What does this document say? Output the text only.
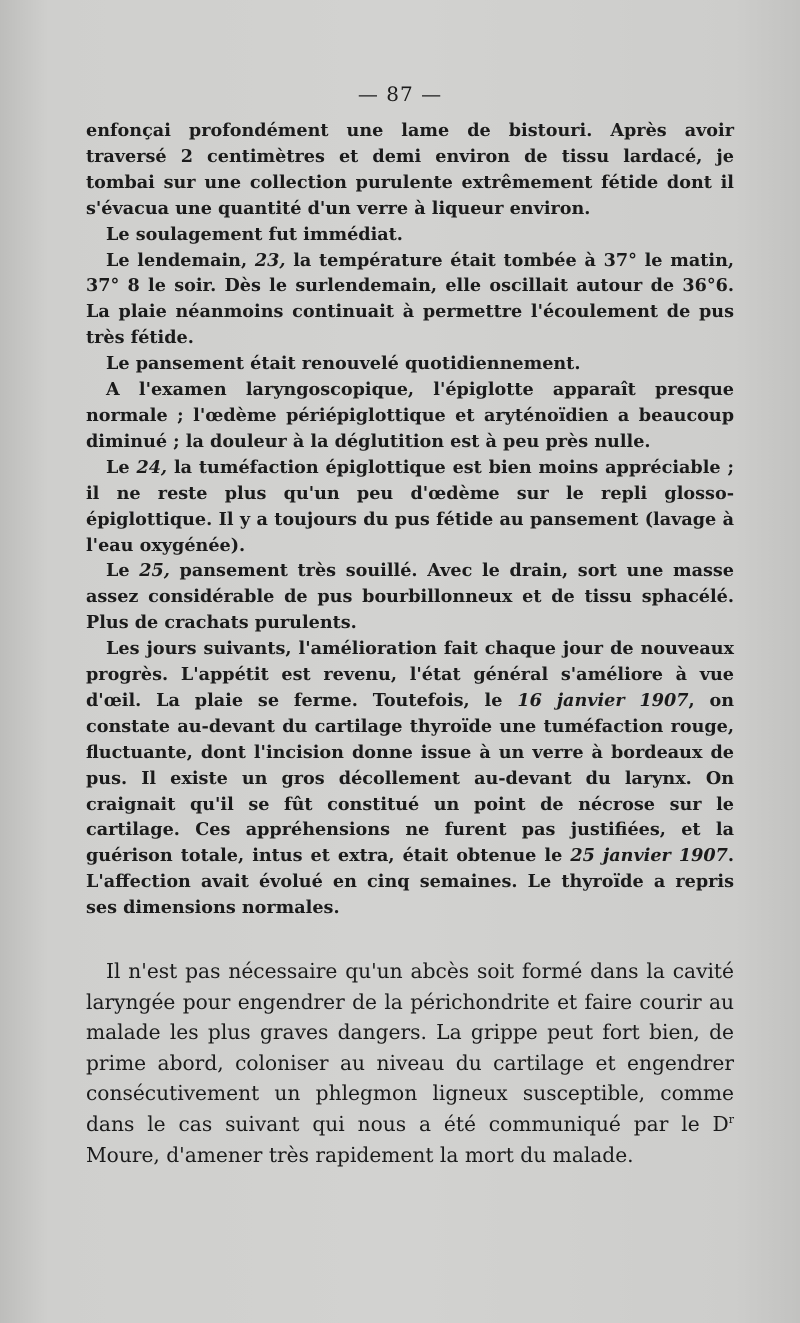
— 87 —

enfonçai profondément une lame de bistouri. Après avoir traversé 2 centimètres et demi environ de tissu lardacé, je tombai sur une collection purulente extrêmement fétide dont il s'évacua une quantité d'un verre à liqueur environ.

Le soulagement fut immédiat.

Le lendemain, 23, la température était tombée à 37° le matin, 37° 8 le soir. Dès le surlendemain, elle oscillait autour de 36°6. La plaie néanmoins continuait à permettre l'écoulement de pus très fétide.

Le pansement était renouvelé quotidiennement.

A l'examen laryngoscopique, l'épiglotte apparaît presque normale ; l'œdème périépiglottique et aryténoïdien a beaucoup diminué ; la douleur à la déglutition est à peu près nulle.

Le 24, la tuméfaction épiglottique est bien moins appréciable ; il ne reste plus qu'un peu d'œdème sur le repli glosso-épiglottique. Il y a toujours du pus fétide au pansement (lavage à l'eau oxygénée).

Le 25, pansement très souillé. Avec le drain, sort une masse assez considérable de pus bourbillonneux et de tissu sphacélé. Plus de crachats purulents.

Les jours suivants, l'amélioration fait chaque jour de nouveaux progrès. L'appétit est revenu, l'état général s'améliore à vue d'œil. La plaie se ferme. Toutefois, le 16 janvier 1907, on constate au-devant du cartilage thyroïde une tuméfaction rouge, fluctuante, dont l'incision donne issue à un verre à bordeaux de pus. Il existe un gros décollement au-devant du larynx. On craignait qu'il se fût constitué un point de nécrose sur le cartilage. Ces appréhensions ne furent pas justifiées, et la guérison totale, intus et extra, était obtenue le 25 janvier 1907. L'affection avait évolué en cinq semaines. Le thyroïde a repris ses dimensions normales.

Il n'est pas nécessaire qu'un abcès soit formé dans la cavité laryngée pour engendrer de la périchondrite et faire courir au malade les plus graves dangers. La grippe peut fort bien, de prime abord, coloniser au niveau du cartilage et engendrer consécutivement un phlegmon ligneux susceptible, comme dans le cas suivant qui nous a été communiqué par le $D^r$ Moure, d'amener très rapidement la mort du malade.
